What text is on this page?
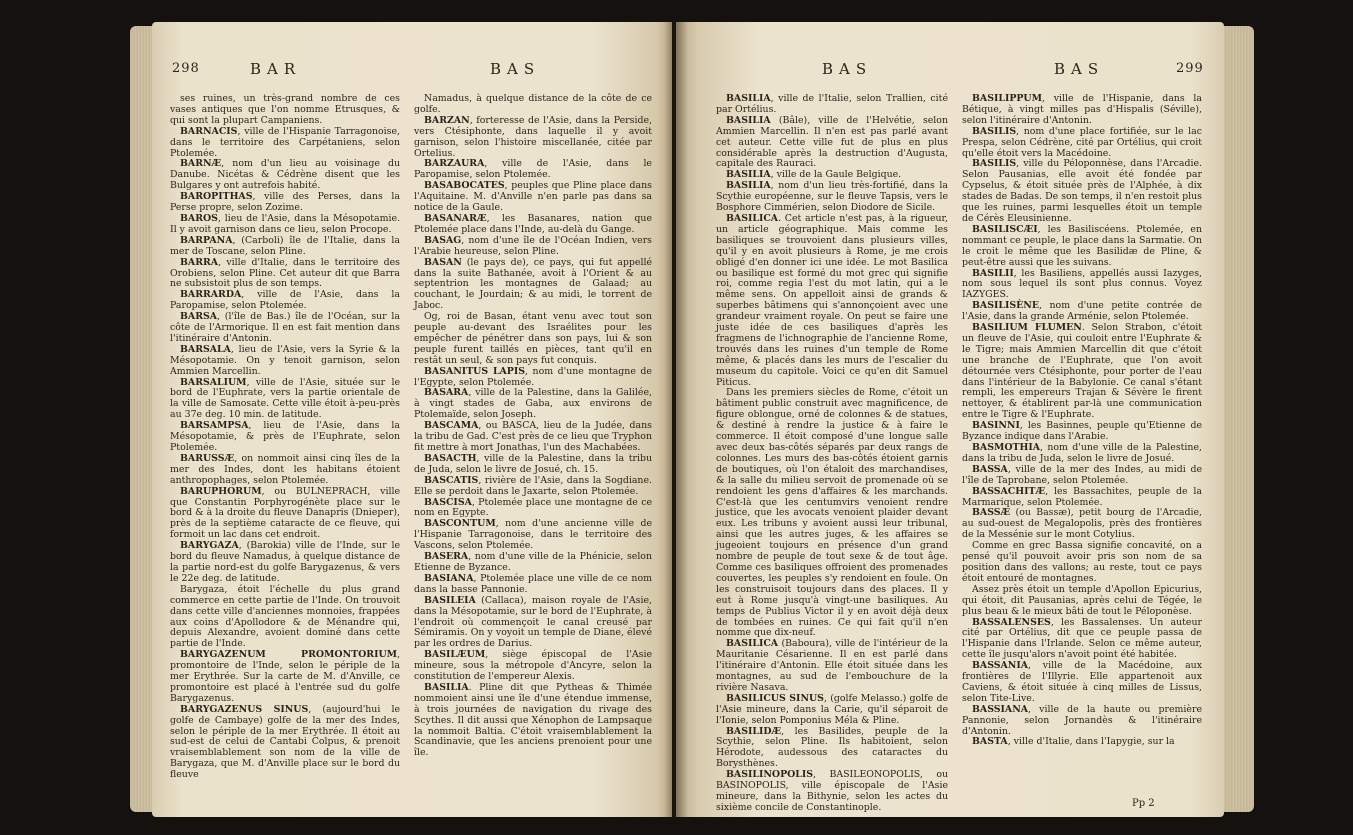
298	BAR	BAS

ses ruines, un très-grand nombre de ces vases antiques que l'on nomme Etrusques, & qui sont la plupart Campaniens.

BARNACIS, ville de l'Hispanie Tarragonoise, dans le territoire des Carpétaniens, selon Ptolemée.

BARNÆ, nom d'un lieu au voisinage du Danube. Nicétas & Cédrène disent que les Bulgares y ont autrefois habité.

BAROPITHAS, ville des Perses, dans la Perse propre, selon Zozime.

BAROS, lieu de l'Asie, dans la Mésopotamie. Il y avoit garnison dans ce lieu, selon Procope.

BARPANA, (Carboli) île de l'Italie, dans la mer de Toscane, selon Pline.

BARRA, ville d'Italie, dans le territoire des Orobiens, selon Pline. Cet auteur dit que Barra ne subsistoit plus de son temps.

BARRARDA, ville de l'Asie, dans la Paropamise, selon Ptolemée.

BARSA, (l'île de Bas.) île de l'Océan, sur la côte de l'Armorique. Il en est fait mention dans l'itinéraire d'Antonin.

BARSALA, lieu de l'Asie, vers la Syrie & la Mésopotamie. On y tenoit garnison, selon Ammien Marcellin.

BARSALIUM, ville de l'Asie, située sur le bord de l'Euphrate, vers la partie orientale de la ville de Samosate. Cette ville étoit à-peu-près au 37e deg. 10 min. de latitude.

BARSAMPSA, lieu de l'Asie, dans la Mésopotamie, & près de l'Euphrate, selon Ptolemée.

BARUSSÆ, on nommoit ainsi cinq îles de la mer des Indes, dont les habitans étoient anthropophages, selon Ptolemée.

BARUPHORUM, ou BULNEPRACH, ville que Constantin Porphyrogénète place sur le bord & à la droite du fleuve Danapris (Dnieper), près de la septième cataracte de ce fleuve, qui formoit un lac dans cet endroit.

BARYGAZA, (Barokia) ville de l'Inde, sur le bord du fleuve Namadus, à quelque distance de la partie nord-est du golfe Barygazenus, & vers le 22e deg. de latitude.

Barygaza, étoit l'échelle du plus grand commerce en cette partie de l'Inde. On trouvoit dans cette ville d'anciennes monnoies, frappées aux coins d'Apollodore & de Ménandre qui, depuis Alexandre, avoient dominé dans cette partie de l'Inde.

BARYGAZENUM PROMONTORIUM, promontoire de l'Inde, selon le périple de la mer Erythrée. Sur la carte de M. d'Anville, ce promontoire est placé à l'entrée sud du golfe Barygazenus.

BARYGAZENUS SINUS, (aujourd'hui le golfe de Cambaye) golfe de la mer des Indes, selon le périple de la mer Erythrée. Il étoit au sud-est de celui de Cantabi Colpus, & prenoit vraisemblablement son nom de la ville de Barygaza, que M. d'Anville place sur le bord du fleuve

Namadus, à quelque distance de la côte de ce golfe.

BARZAN, forteresse de l'Asie, dans la Perside, vers Ctésiphonte, dans laquelle il y avoit garnison, selon l'histoire miscellanée, citée par Ortelius.

BARZAURA, ville de l'Asie, dans le Paropamise, selon Ptolemée.

BASABOCATES, peuples que Pline place dans l'Aquitaine. M. d'Anville n'en parle pas dans sa notice de la Gaule.

BASANARÆ, les Basanares, nation que Ptolemée place dans l'Inde, au-delà du Gange.

BASAG, nom d'une île de l'Océan Indien, vers l'Arabie heureuse, selon Pline.

BASAN (le pays de), ce pays, qui fut appellé dans la suite Bathanée, avoit à l'Orient & au septentrion les montagnes de Galaad; au couchant, le Jourdain; & au midi, le torrent de Jaboc.

Og, roi de Basan, étant venu avec tout son peuple au-devant des Israélites pour les empêcher de pénétrer dans son pays, lui & son peuple furent taillés en pièces, tant qu'il en restât un seul, & son pays fut conquis.

BASANITUS LAPIS, nom d'une montagne de l'Egypte, selon Ptolemée.

BASARA, ville de la Palestine, dans la Galilée, à vingt stades de Gaba, aux environs de Ptolemaïde, selon Joseph.

BASCAMA, ou BASCA, lieu de la Judée, dans la tribu de Gad. C'est près de ce lieu que Tryphon fit mettre à mort Jonathas, l'un des Machabées.

BASACTH, ville de la Palestine, dans la tribu de Juda, selon le livre de Josué, ch. 15.

BASCATIS, rivière de l'Asie, dans la Sogdiane. Elle se perdoit dans le Jaxarte, selon Ptolemée.

BASCISA, Ptolemée place une montagne de ce nom en Egypte.

BASCONTUM, nom d'une ancienne ville de l'Hispanie Tarragonoise, dans le territoire des Vascons, selon Ptolemée.

BASERA, nom d'une ville de la Phénicie, selon Etienne de Byzance.

BASIANA, Ptolemée place une ville de ce nom dans la basse Pannonie.

BASILEIA (Callaca), maison royale de l'Asie, dans la Mésopotamie, sur le bord de l'Euphrate, à l'endroit où commençoit le canal creusé par Sémiramis. On y voyoit un temple de Diane, élevé par les ordres de Darius.

BASILÆUM, siège épiscopal de l'Asie mineure, sous la métropole d'Ancyre, selon la constitution de l'empereur Alexis.

BASILIA. Pline dit que Pytheas & Thimée nommoient ainsi une île d'une étendue immense, à trois journées de navigation du rivage des Scythes. Il dit aussi que Xénophon de Lampsaque la nommoit Baltia. C'étoit vraisemblablement la Scandinavie, que les anciens prenoient pour une île.

BAS	BAS	299

BASILIA, ville de l'Italie, selon Trallien, cité par Ortélius.

BASILIA (Bâle), ville de l'Helvétie, selon Ammien Marcellin. Il n'en est pas parlé avant cet auteur. Cette ville fut de plus en plus considérable après la destruction d'Augusta, capitale des Rauraci.

BASILIA, ville de la Gaule Belgique.

BASILIA, nom d'un lieu très-fortifié, dans la Scythie européenne, sur le fleuve Tapsis, vers le Bosphore Cimmérien, selon Diodore de Sicile.

BASILICA. Cet article n'est pas, à la rigueur, un article géographique. Mais comme les basiliques se trouvoient dans plusieurs villes, qu'il y en avoit plusieurs à Rome, je me crois obligé d'en donner ici une idée. Le mot Basilica ou basilique est formé du mot grec qui signifie roi, comme regia l'est du mot latin, qui a le même sens. On appelloit ainsi de grands & superbes bâtimens qui s'annonçoient avec une grandeur vraiment royale. On peut se faire une juste idée de ces basiliques d'après les fragmens de l'ichnographie de l'ancienne Rome, trouvés dans les ruines d'un temple de Rome même, & placés dans les murs de l'escalier du museum du capitole. Voici ce qu'en dit Samuel Piticus.

Dans les premiers siècles de Rome, c'étoit un bâtiment public construit avec magnificence, de figure oblongue, orné de colonnes & de statues, & destiné à rendre la justice & à faire le commerce. Il étoit composé d'une longue salle avec deux bas-côtés séparés par deux rangs de colonnes. Les murs des bas-côtés étoient garnis de boutiques, où l'on étaloit des marchandises, & la salle du milieu servoit de promenade où se rendoient les gens d'affaires & les marchands. C'est-là que les centumvirs venoient rendre justice, que les avocats venoient plaider devant eux. Les tribuns y avoient aussi leur tribunal, ainsi que les autres juges, & les affaires se jugeoient toujours en présence d'un grand nombre de peuple de tout sexe & de tout âge. Comme ces basiliques offroient des promenades couvertes, les peuples s'y rendoient en foule. On les construisoit toujours dans des places. Il y eut à Rome jusqu'à vingt-une basiliques. Au temps de Publius Victor il y en avoit déjà deux de tombées en ruines. Ce qui fait qu'il n'en nomme que dix-neuf.

BASILICA (Baboura), ville de l'intérieur de la Mauritanie Césarienne. Il en est parlé dans l'itinéraire d'Antonin. Elle étoit située dans les montagnes, au sud de l'embouchure de la rivière Nasava.

BASILICUS SINUS, (golfe Melasso.) golfe de l'Asie mineure, dans la Carie, qu'il séparoit de l'Ionie, selon Pomponius Méla & Pline.

BASILIDÆ, les Basilides, peuple de la Scythie, selon Pline. Ils habitoient, selon Hérodote, audessous des cataractes du Borysthènes.

BASILINOPOLIS, BASILEONOPOLIS, ou BASINOPOLIS, ville épiscopale de l'Asie mineure, dans la Bithynie, selon les actes du sixième concile de Constantinople.

BASILIPPUM, ville de l'Hispanie, dans la Bétique, à vingt milles pas d'Hispalis (Séville), selon l'itinéraire d'Antonin.

BASILIS, nom d'une place fortifiée, sur le lac Prespa, selon Cédrène, cité par Ortélius, qui croit qu'elle étoit vers la Macédoine.

BASILIS, ville du Péloponnèse, dans l'Arcadie. Selon Pausanias, elle avoit été fondée par Cypselus, & étoit située près de l'Alphée, à dix stades de Badas. De son temps, il n'en restoit plus que les ruines, parmi lesquelles étoit un temple de Cérès Eleusinienne.

BASILISCÆI, les Basiliscéens. Ptolemée, en nommant ce peuple, le place dans la Sarmatie. On le croit le même que les Basilidæ de Pline, & peut-être aussi que les suivans.

BASILII, les Basiliens, appellés aussi Iazyges, nom sous lequel ils sont plus connus. Voyez IAZYGES.

BASILISÈNE, nom d'une petite contrée de l'Asie, dans la grande Arménie, selon Ptolemée.

BASILIUM FLUMEN. Selon Strabon, c'étoit un fleuve de l'Asie, qui couloit entre l'Euphrate & le Tigre; mais Ammien Marcellin dit que c'étoit une branche de l'Euphrate, que l'on avoit détournée vers Ctésiphonte, pour porter de l'eau dans l'intérieur de la Babylonie. Ce canal s'étant rempli, les empereurs Trajan & Sévère le firent nettoyer, & établirent par-là une communication entre le Tigre & l'Euphrate.

BASINNI, les Basinnes, peuple qu'Etienne de Byzance indique dans l'Arabie.

BASMOTHIA, nom d'une ville de la Palestine, dans la tribu de Juda, selon le livre de Josué.

BASSA, ville de la mer des Indes, au midi de l'île de Taprobane, selon Ptolemée.

BASSACHITÆ, les Bassachites, peuple de la Marmarique, selon Ptolemée.

BASSÆ (ou Bassæ), petit bourg de l'Arcadie, au sud-ouest de Megalopolis, près des frontières de la Messénie sur le mont Cotylius.

Comme en grec Bassa signifie concavité, on a pensé qu'il pouvoit avoir pris son nom de sa position dans des vallons; au reste, tout ce pays étoit entouré de montagnes.

Assez près étoit un temple d'Apollon Epicurius, qui étoit, dit Pausanias, après celui de Tégée, le plus beau & le mieux bâti de tout le Péloponèse.

BASSALENSES, les Bassalenses. Un auteur cité par Ortélius, dit que ce peuple passa de l'Hispanie dans l'Irlande. Selon ce même auteur, cette île jusqu'alors n'avoit point été habitée.

BASSANIA, ville de la Macédoine, aux frontières de l'Illyrie. Elle appartenoit aux Caviens, & étoit située à cinq milles de Lissus, selon Tite-Live.

BASSIANA, ville de la haute ou première Pannonie, selon Jornandès & l'itinéraire d'Antonin.

BASTA, ville d'Italie, dans l'Iapygie, sur la

Pp 2
